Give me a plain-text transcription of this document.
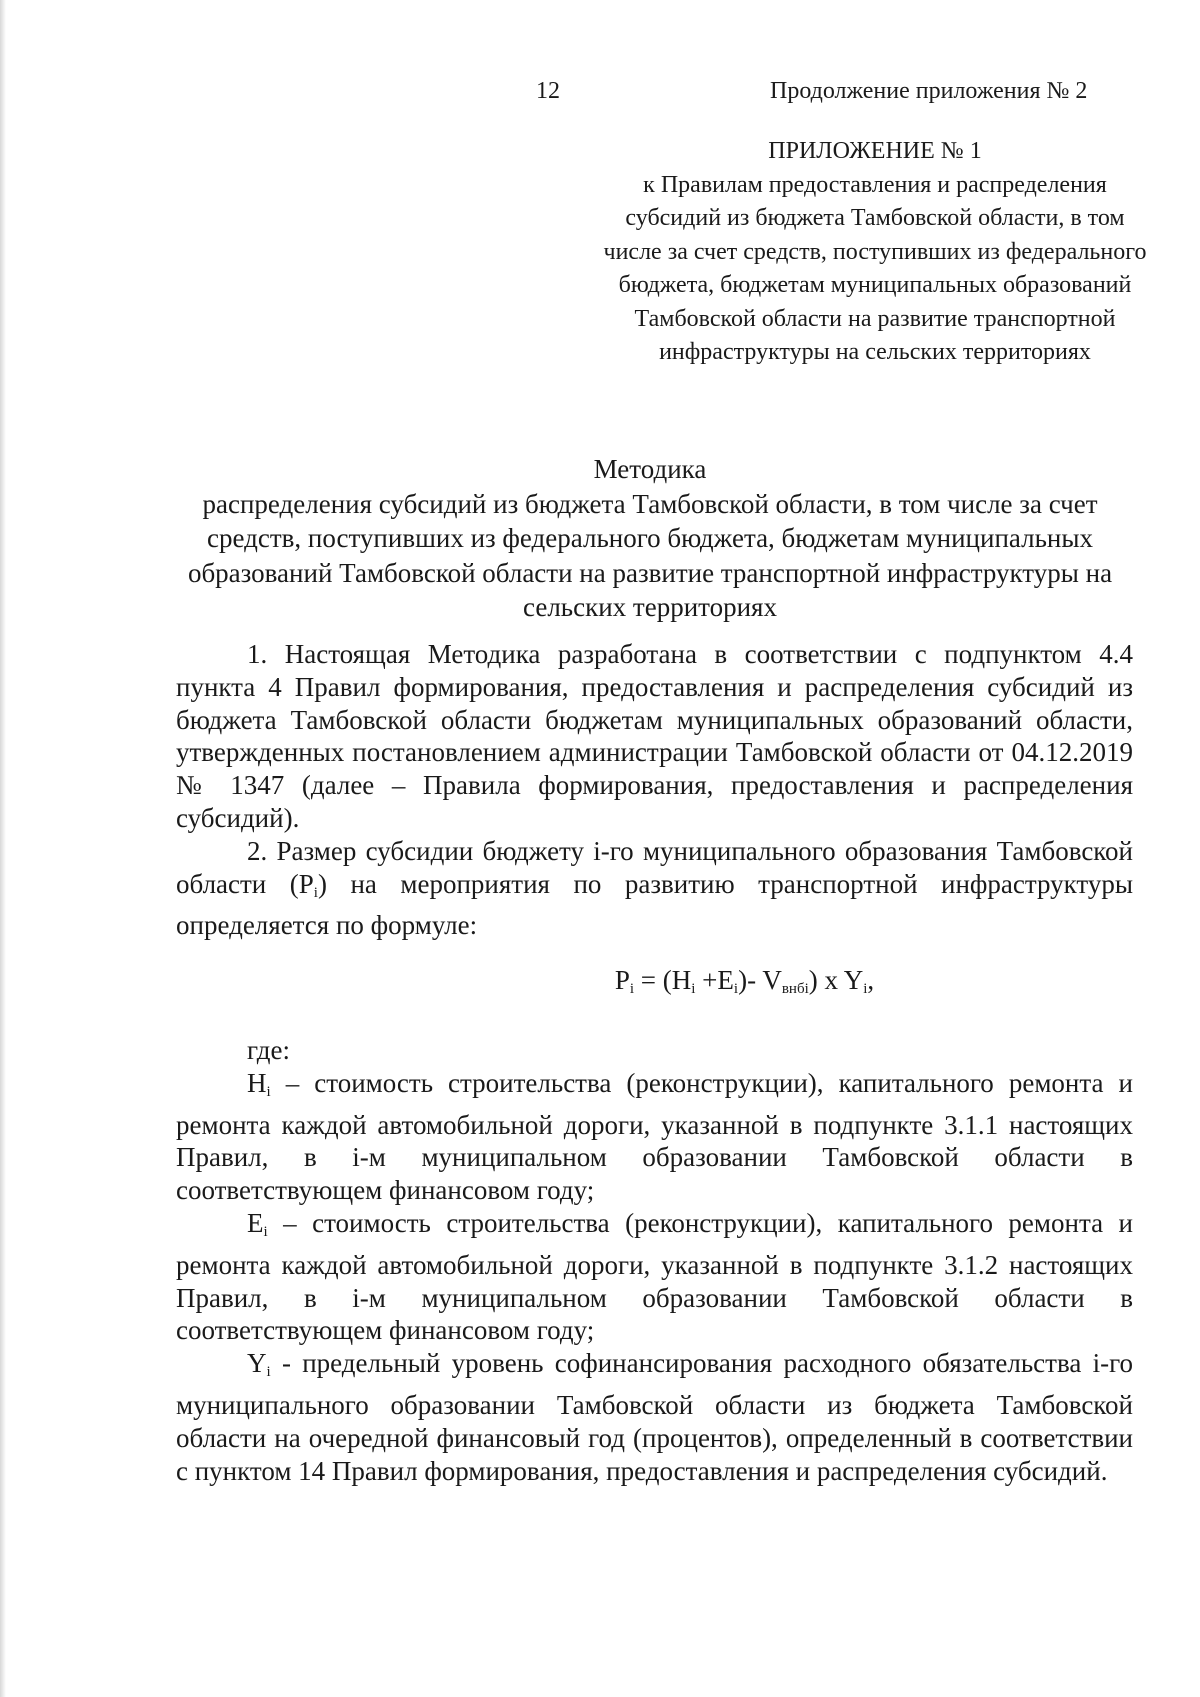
12	Продолжение приложения № 2
ПРИЛОЖЕНИЕ № 1
к Правилам предоставления и распределения субсидий из бюджета Тамбовской области, в том числе за счет средств, поступивших из федерального бюджета, бюджетам муниципальных образований Тамбовской области на развитие транспортной инфраструктуры на сельских территориях
Методика
распределения субсидий из бюджета Тамбовской области, в том числе за счет средств, поступивших из федерального бюджета, бюджетам муниципальных образований Тамбовской области на развитие транспортной инфраструктуры на сельских территориях

1. Настоящая Методика разработана в соответствии с подпунктом 4.4 пункта 4 Правил формирования, предоставления и распределения субсидий из бюджета Тамбовской области бюджетам муниципальных образований области, утвержденных постановлением администрации Тамбовской области от 04.12.2019 № 1347 (далее – Правила формирования, предоставления и распределения субсидий).

2. Размер субсидии бюджету i-го муниципального образования Тамбовской области $(P_i)$ на мероприятия по развитию транспортной инфраструктуры определяется по формуле:

$P_i = (H_i +E_i)-$ $V_{внбi}$) x $Y_i$,

где:

$H_i$ – стоимость строительства (реконструкции), капитального ремонта и ремонта каждой автомобильной дороги, указанной в подпункте 3.1.1 настоящих Правил, в i-м муниципальном образовании Тамбовской области в соответствующем финансовом году;

$E_i$ – стоимость строительства (реконструкции), капитального ремонта и ремонта каждой автомобильной дороги, указанной в подпункте 3.1.2 настоящих Правил, в i-м муниципальном образовании Тамбовской области в соответствующем финансовом году;

$Y_i$ - предельный уровень софинансирования расходного обязательства i-го муниципального образовании Тамбовской области из бюджета Тамбовской области на очередной финансовый год (процентов), определенный в соответствии с пунктом 14 Правил формирования, предоставления и распределения субсидий.
